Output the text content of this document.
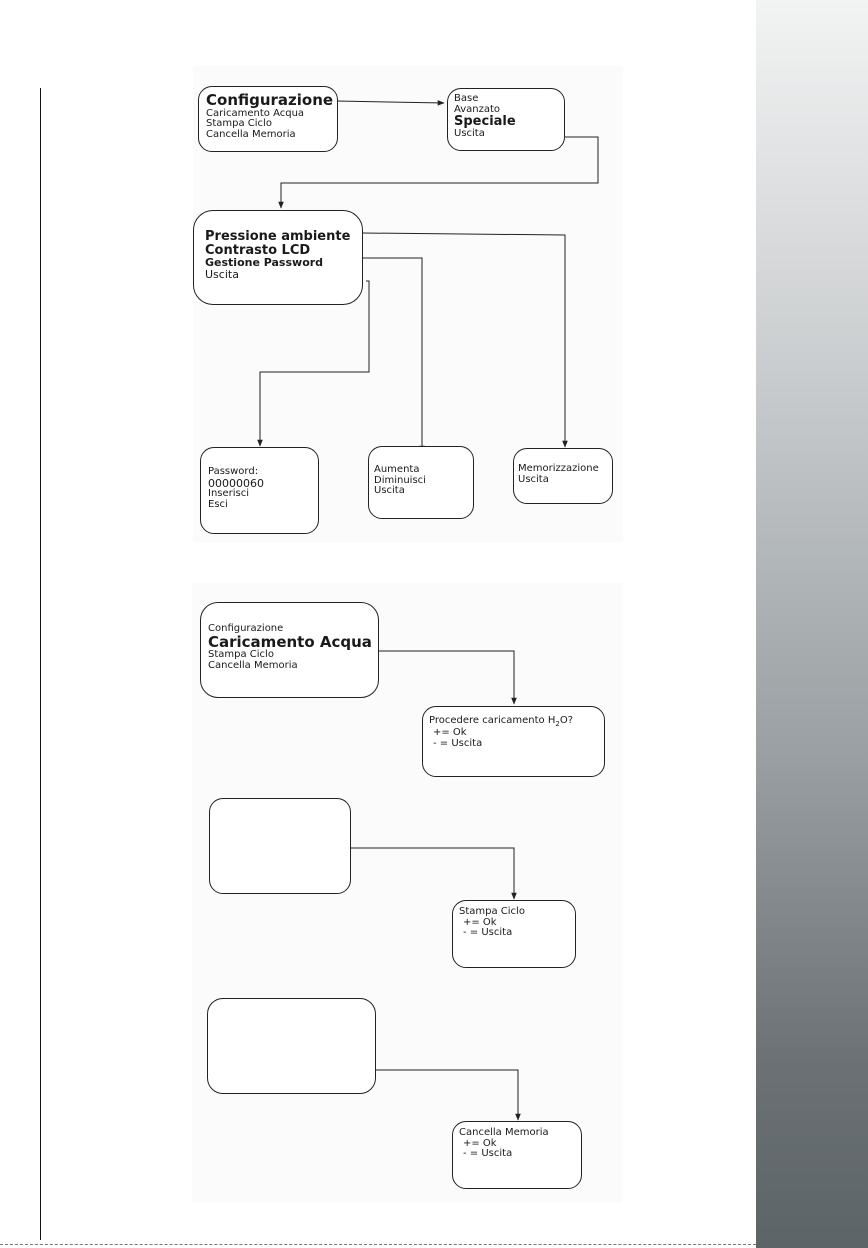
Configurazione
Caricamento Acqua
Stampa Ciclo
Cancella Memoria
Base
Avanzato
Speciale
Uscita
Pressione ambiente
Contrasto LCD
Gestione Password
Uscita
Password:
00000060
Inserisci
Esci
Aumenta
Diminuisci
Uscita
Memorizzazione
Uscita
Configurazione
Caricamento Acqua
Stampa Ciclo
Cancella Memoria
Procedere caricamento $H_2O$?
+= Ok
- = Uscita
Stampa Ciclo
+= Ok
- = Uscita
Cancella Memoria
+= Ok
- = Uscita
